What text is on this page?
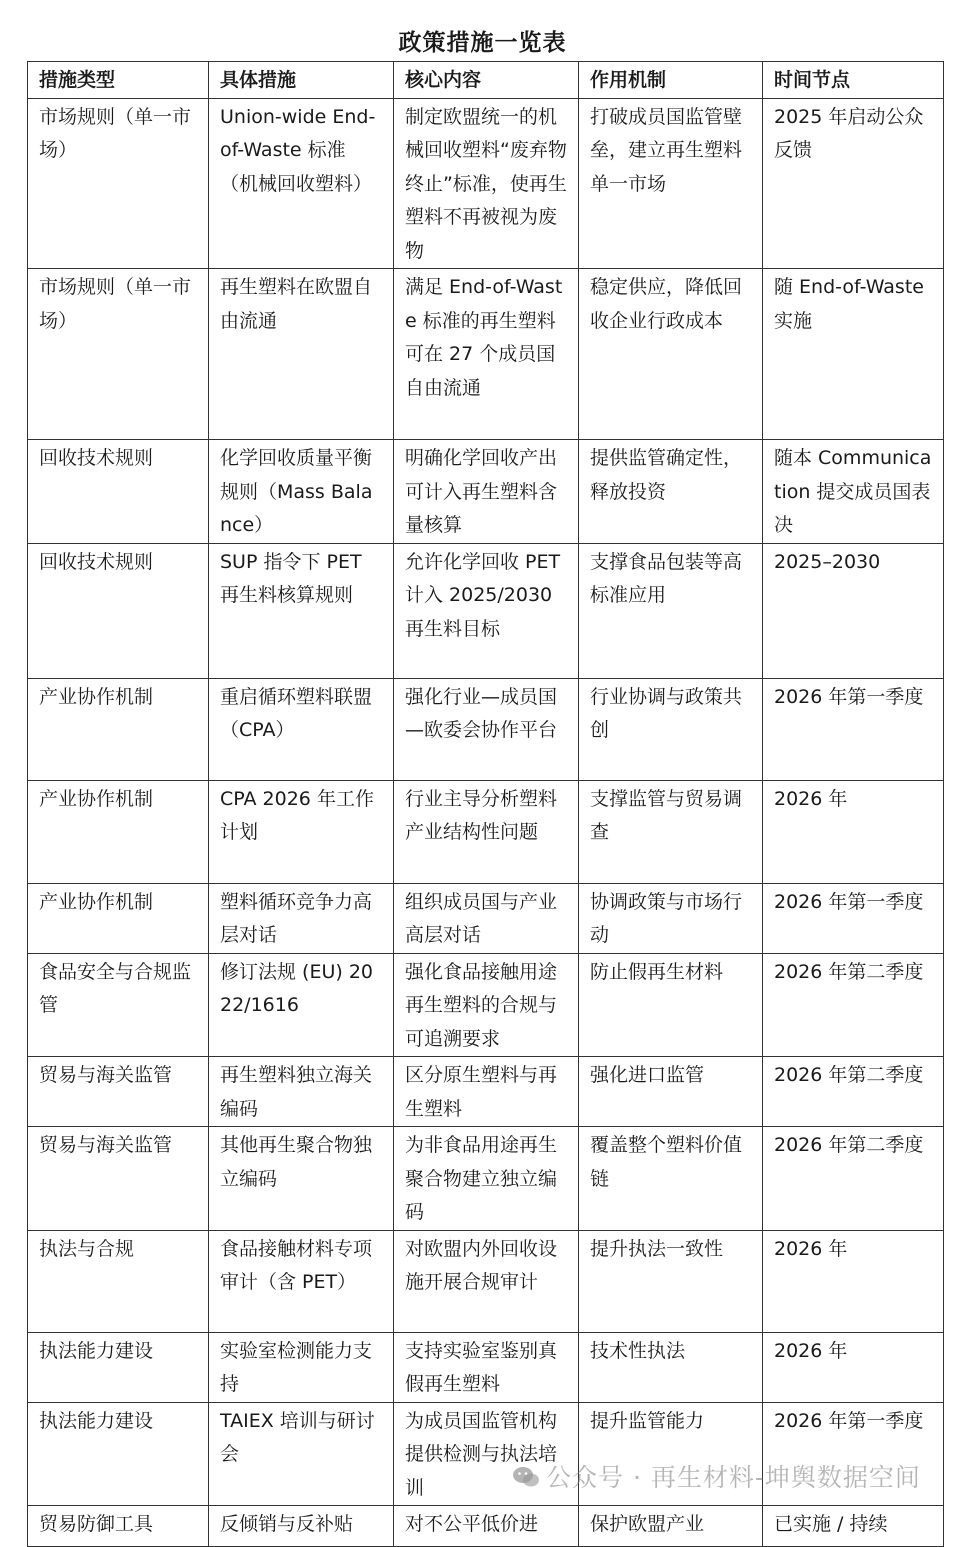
政策措施一览表
措施类型	具体措施	核心内容	作用机制	时间节点
市场规则（单一市场）	Union-wide End-of-Waste 标准（机械回收塑料）	制定欧盟统一的机械回收塑料“废弃物终止”标准，使再生塑料不再被视为废物	打破成员国监管壁垒，建立再生塑料单一市场	2025 年启动公众反馈
市场规则（单一市场）	再生塑料在欧盟自由流通	满足 End-of-Waste 标准的再生塑料可在 27 个成员国自由流通	稳定供应，降低回收企业行政成本	随 End-of-Waste 实施
回收技术规则	化学回收质量平衡规则（Mass Balance）	明确化学回收产出可计入再生塑料含量核算	提供监管确定性，释放投资	随本 Communication 提交成员国表决
回收技术规则	SUP 指令下 PET 再生料核算规则	允许化学回收 PET 计入 2025/2030 再生料目标	支撑食品包装等高标准应用	2025–2030
产业协作机制	重启循环塑料联盟（CPA）	强化行业—成员国—欧委会协作平台	行业协调与政策共创	2026 年第一季度
产业协作机制	CPA 2026 年工作计划	行业主导分析塑料产业结构性问题	支撑监管与贸易调查	2026 年
产业协作机制	塑料循环竞争力高层对话	组织成员国与产业高层对话	协调政策与市场行动	2026 年第一季度
食品安全与合规监管	修订法规 (EU) 2022/1616	强化食品接触用途再生塑料的合规与可追溯要求	防止假再生材料	2026 年第二季度
贸易与海关监管	再生塑料独立海关编码	区分原生塑料与再生塑料	强化进口监管	2026 年第二季度
贸易与海关监管	其他再生聚合物独立编码	为非食品用途再生聚合物建立独立编码	覆盖整个塑料价值链	2026 年第二季度
执法与合规	食品接触材料专项审计（含 PET）	对欧盟内外回收设施开展合规审计	提升执法一致性	2026 年
执法能力建设	实验室检测能力支持	支持实验室鉴别真假再生塑料	技术性执法	2026 年
执法能力建设	TAIEX 培训与研讨会	为成员国监管机构提供检测与执法培训	提升监管能力	2026 年第一季度
贸易防御工具	反倾销与反补贴	对不公平低价进	保护欧盟产业	已实施 / 持续
公众号 · 再生材料-坤舆数据空间
